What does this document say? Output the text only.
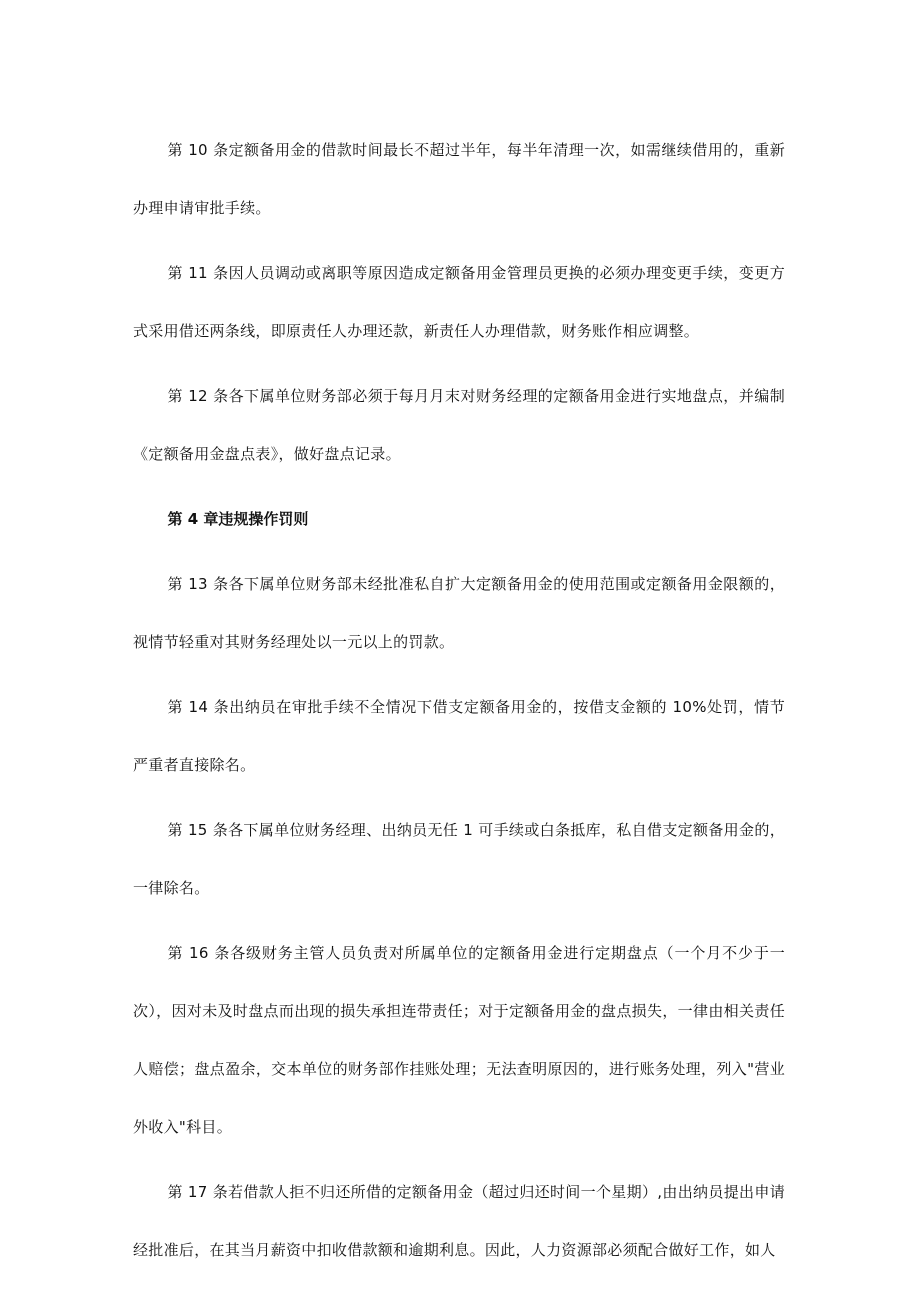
第 10 条定额备用金的借款时间最长不超过半年，每半年清理一次，如需继续借用的，重新办理申请审批手续。

第 11 条因人员调动或离职等原因造成定额备用金管理员更换的必须办理变更手续，变更方式采用借还两条线，即原责任人办理还款，新责任人办理借款，财务账作相应调整。

第 12 条各下属单位财务部必须于每月月末对财务经理的定额备用金进行实地盘点，并编制《定额备用金盘点表》，做好盘点记录。

第 4 章违规操作罚则

第 13 条各下属单位财务部未经批准私自扩大定额备用金的使用范围或定额备用金限额的，视情节轻重对其财务经理处以一元以上的罚款。

第 14 条出纳员在审批手续不全情况下借支定额备用金的，按借支金额的 10%处罚，情节严重者直接除名。

第 15 条各下属单位财务经理、出纳员无任 1 可手续或白条抵库，私自借支定额备用金的，一律除名。

第 16 条各级财务主管人员负责对所属单位的定额备用金进行定期盘点（一个月不少于一次），因对未及时盘点而出现的损失承担连带责任；对于定额备用金的盘点损失，一律由相关责任人赔偿；盘点盈余，交本单位的财务部作挂账处理；无法查明原因的，进行账务处理，列入"营业外收入"科目。

第 17 条若借款人拒不归还所借的定额备用金（超过归还时间一个星期）,由出纳员提出申请经批准后，在其当月薪资中扣收借款额和逾期利息。因此，人力资源部必须配合做好工作，如人
